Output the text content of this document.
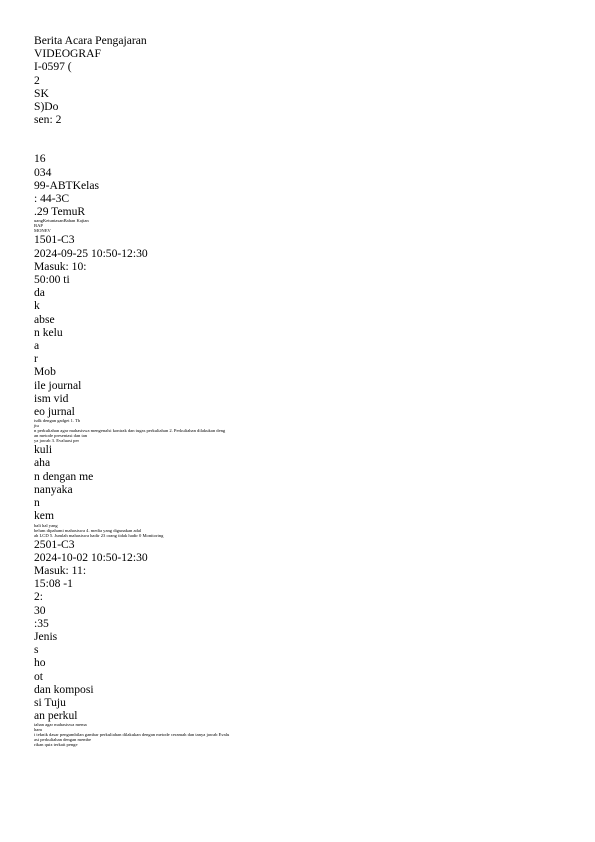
Berita Acara Pengajaran
VIDEOGRAF
I-0597 (
2
SK
S)Do
sen: 2
16
034
99-ABTKelas
: 44-3C
.29 TemuR
uangKetuntasanBahan Kajian
BAP
MONEV
1501-C3
2024-09-25 10:50-12:30
Masuk: 10:
50:00 ti
da
k
abse
n kelu
a
r
Mob
ile journal
ism vid
eo jurnal
isdk dengan gadget 1. Tb
jtu
n perkuliahan agar mahasiswa mengenalsi kontrak dan tugas perkuliahan 2. Perkuliahan dilakukan deng
an metode presentasi dan tan
ya jawab 3. Evaluasi per
kuli
aha
n dengan me
nanyaka
n
kem
bali hal yang
belum dipahami mahasiswa 4. media yang digunakan adal
ah LCD 5. Jumlah mahasiswa hadir 23 orang tidak hadir 0 Monitoring
2501-C3
2024-10-02 10:50-12:30
Masuk: 11:
15:08 -1
2:
30
:35
Jenis
s
ho
ot
dan komposi
si Tuju
an perkul
iahan agar mahasiswa mema
ham
i teknik dasar pengambilan gambar perkuliahan dilakukan dengan metode ceramah dan tanya jawab Evalu
asi perkuliahan dengan membe
rikan quiz terkait penge
